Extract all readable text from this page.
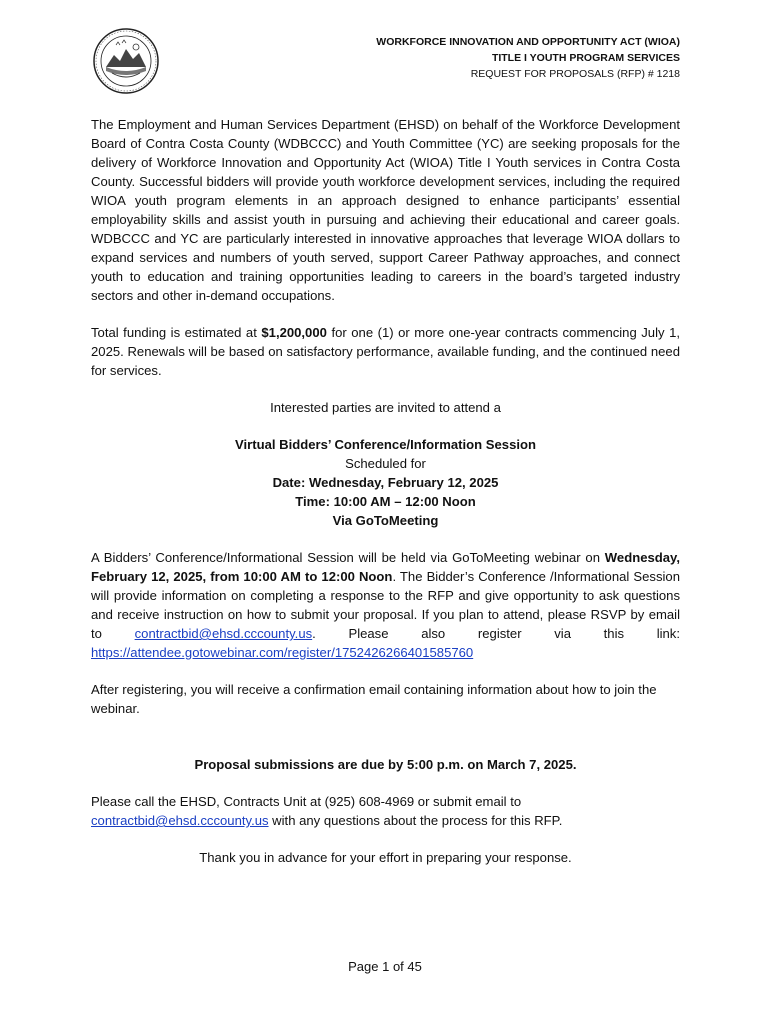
WORKFORCE INNOVATION AND OPPORTUNITY ACT (WIOA)
TITLE I YOUTH PROGRAM SERVICES
REQUEST FOR PROPOSALS (RFP) # 1218

The Employment and Human Services Department (EHSD) on behalf of the Workforce Development Board of Contra Costa County (WDBCCC) and Youth Committee (YC) are seeking proposals for the delivery of Workforce Innovation and Opportunity Act (WIOA) Title I Youth services in Contra Costa County. Successful bidders will provide youth workforce development services, including the required WIOA youth program elements in an approach designed to enhance participants’ essential employability skills and assist youth in pursuing and achieving their educational and career goals. WDBCCC and YC are particularly interested in innovative approaches that leverage WIOA dollars to expand services and numbers of youth served, support Career Pathway approaches, and connect youth to education and training opportunities leading to careers in the board’s targeted industry sectors and other in-demand occupations.

Total funding is estimated at $1,200,000 for one (1) or more one-year contracts commencing July 1, 2025. Renewals will be based on satisfactory performance, available funding, and the continued need for services.

Interested parties are invited to attend a

Virtual Bidders’ Conference/Information Session
Scheduled for
Date: Wednesday, February 12, 2025
Time: 10:00 AM – 12:00 Noon
Via GoToMeeting

A Bidders’ Conference/Informational Session will be held via GoToMeeting webinar on Wednesday, February 12, 2025, from 10:00 AM to 12:00 Noon. The Bidder’s Conference /Informational Session will provide information on completing a response to the RFP and give opportunity to ask questions and receive instruction on how to submit your proposal. If you plan to attend, please RSVP by email to contractbid@ehsd.cccounty.us. Please also register via this link: https://attendee.gotowebinar.com/register/1752426266401585760

After registering, you will receive a confirmation email containing information about how to join the webinar.

Proposal submissions are due by 5:00 p.m. on March 7, 2025.

Please call the EHSD, Contracts Unit at (925) 608-4969 or submit email to
contractbid@ehsd.cccounty.us with any questions about the process for this RFP.

Thank you in advance for your effort in preparing your response.

Page 1 of 45
